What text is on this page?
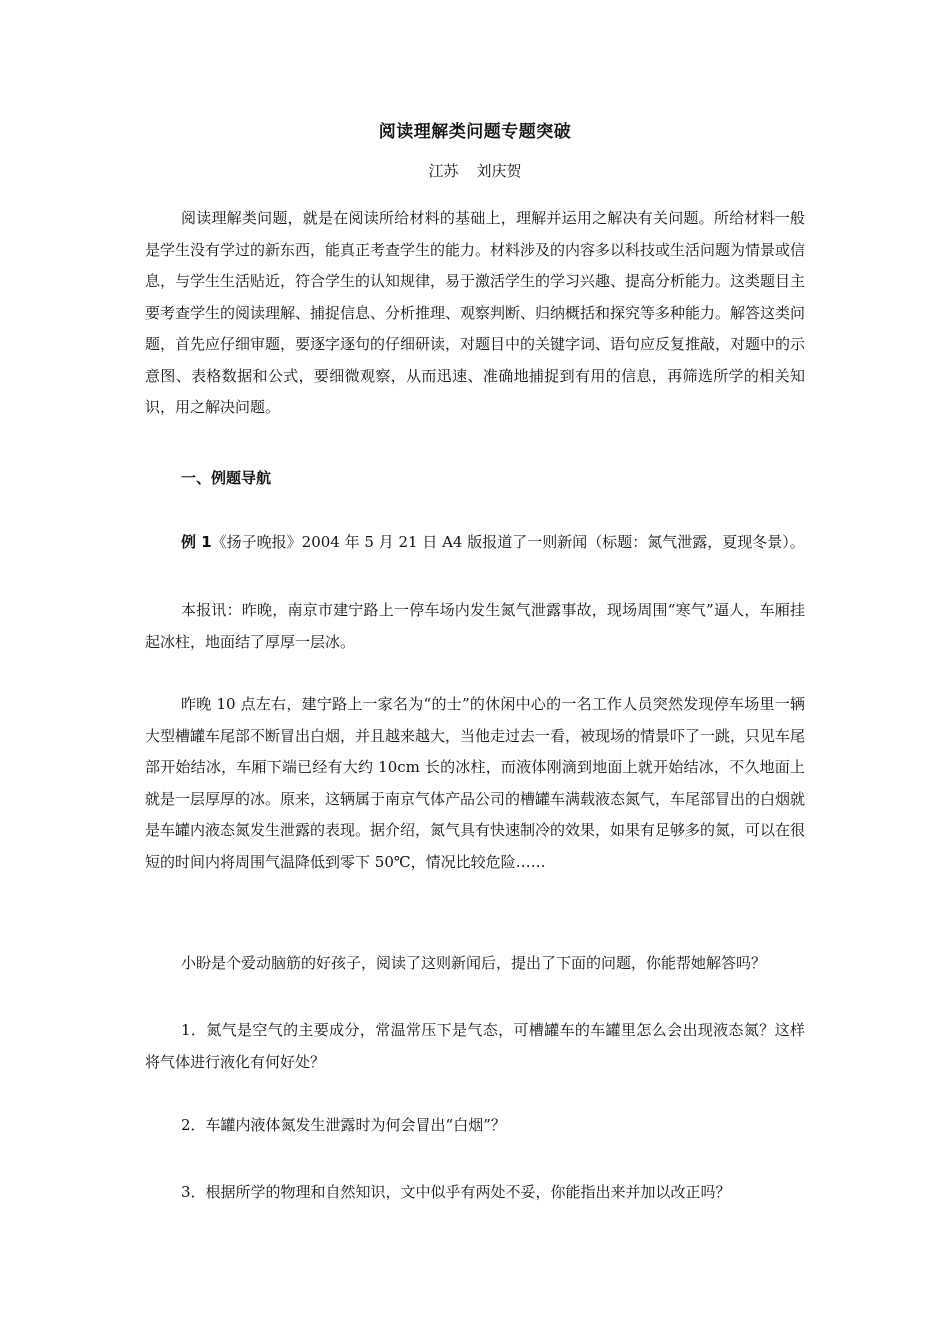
阅读理解类问题专题突破
江苏 刘庆贺

阅读理解类问题，就是在阅读所给材料的基础上，理解并运用之解决有关问题。所给材料一般是学生没有学过的新东西，能真正考查学生的能力。材料涉及的内容多以科技或生活问题为情景或信息，与学生生活贴近，符合学生的认知规律，易于激活学生的学习兴趣、提高分析能力。这类题目主要考查学生的阅读理解、捕捉信息、分析推理、观察判断、归纳概括和探究等多种能力。解答这类问题，首先应仔细审题，要逐字逐句的仔细研读，对题目中的关键字词、语句应反复推敲，对题中的示意图、表格数据和公式，要细微观察，从而迅速、准确地捕捉到有用的信息，再筛选所学的相关知识，用之解决问题。

一、例题导航

例 1《扬子晚报》2004 年 5 月 21 日 A4 版报道了一则新闻（标题：氮气泄露，夏现冬景）。

本报讯：昨晚，南京市建宁路上一停车场内发生氮气泄露事故，现场周围“寒气”逼人，车厢挂起冰柱，地面结了厚厚一层冰。

昨晚 10 点左右，建宁路上一家名为“的士”的休闲中心的一名工作人员突然发现停车场里一辆大型槽罐车尾部不断冒出白烟，并且越来越大，当他走过去一看，被现场的情景吓了一跳，只见车尾部开始结冰，车厢下端已经有大约 10cm 长的冰柱，而液体刚滴到地面上就开始结冰，不久地面上就是一层厚厚的冰。原来，这辆属于南京气体产品公司的槽罐车满载液态氮气，车尾部冒出的白烟就是车罐内液态氮发生泄露的表现。据介绍，氮气具有快速制冷的效果，如果有足够多的氮，可以在很短的时间内将周围气温降低到零下 50℃，情况比较危险……

小盼是个爱动脑筋的好孩子，阅读了这则新闻后，提出了下面的问题，你能帮她解答吗？

1．氮气是空气的主要成分，常温常压下是气态，可槽罐车的车罐里怎么会出现液态氮？这样将气体进行液化有何好处？

2．车罐内液体氮发生泄露时为何会冒出“白烟”？

3．根据所学的物理和自然知识，文中似乎有两处不妥，你能指出来并加以改正吗？
